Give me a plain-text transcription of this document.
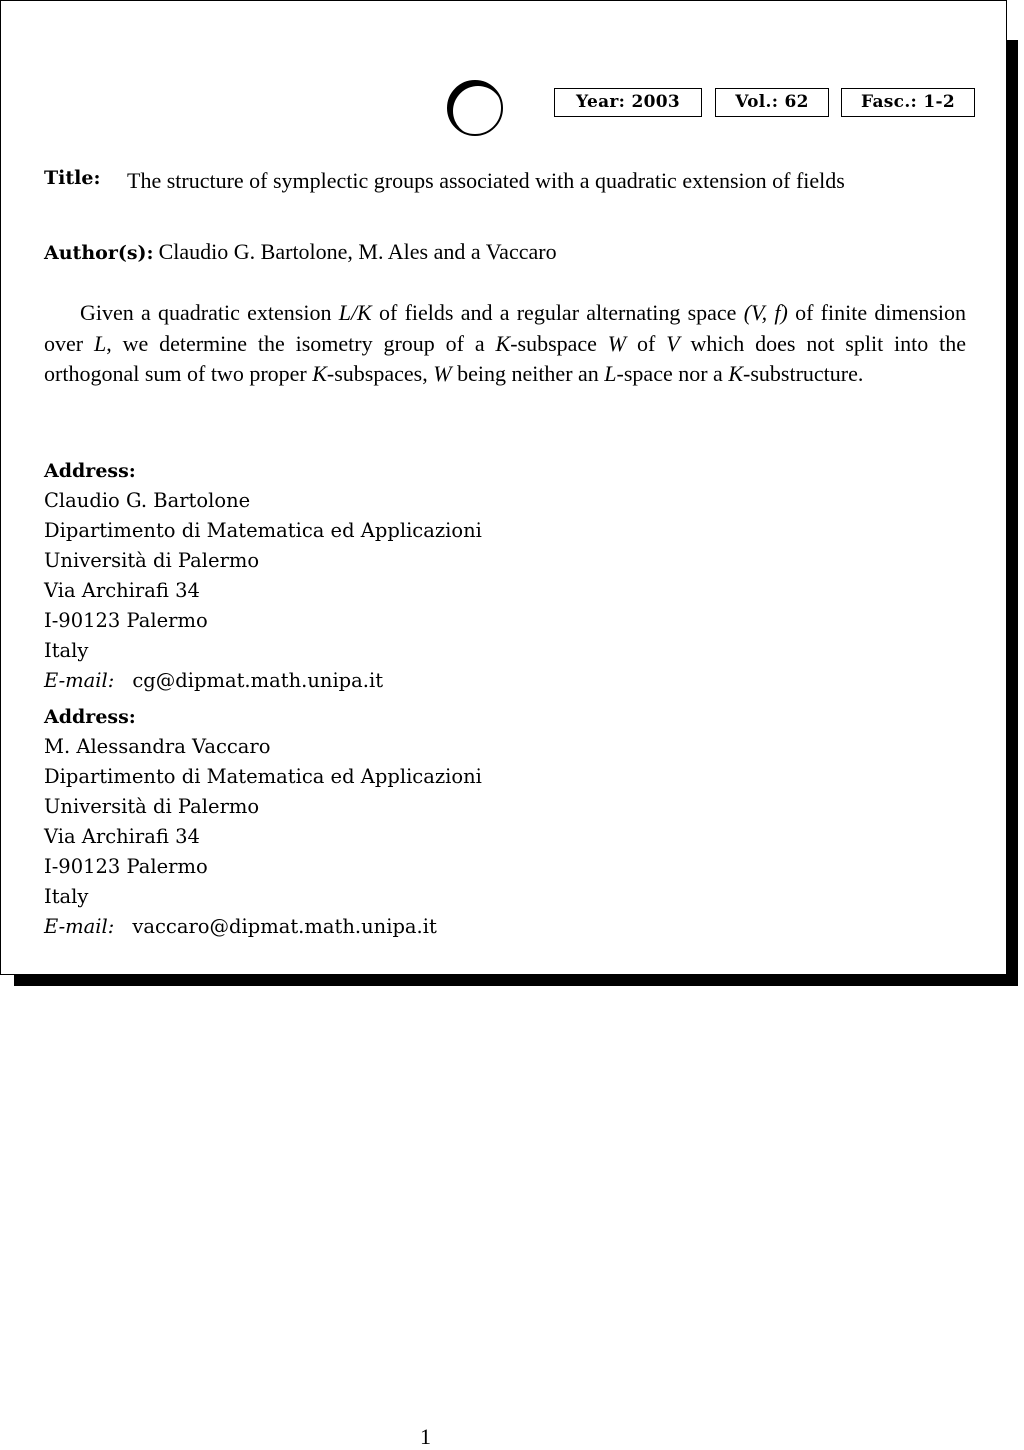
Year: 2003	Vol.: 62	Fasc.: 1-2
Title: The structure of symplectic groups associated with a quadratic extension of fields
Author(s): Claudio G. Bartolone, M. Ales and a Vaccaro
Given a quadratic extension L/K of fields and a regular alternating space (V, f) of finite dimension over L, we determine the isometry group of a K-subspace W of V which does not split into the orthogonal sum of two proper K-subspaces, W being neither an L-space nor a K-substructure.
Address:
Claudio G. Bartolone
Dipartimento di Matematica ed Applicazioni
Università di Palermo
Via Archirafi 34
I-90123 Palermo
Italy
E-mail: cg@dipmat.math.unipa.it
Address:
M. Alessandra Vaccaro
Dipartimento di Matematica ed Applicazioni
Università di Palermo
Via Archirafi 34
I-90123 Palermo
Italy
E-mail: vaccaro@dipmat.math.unipa.it
1
